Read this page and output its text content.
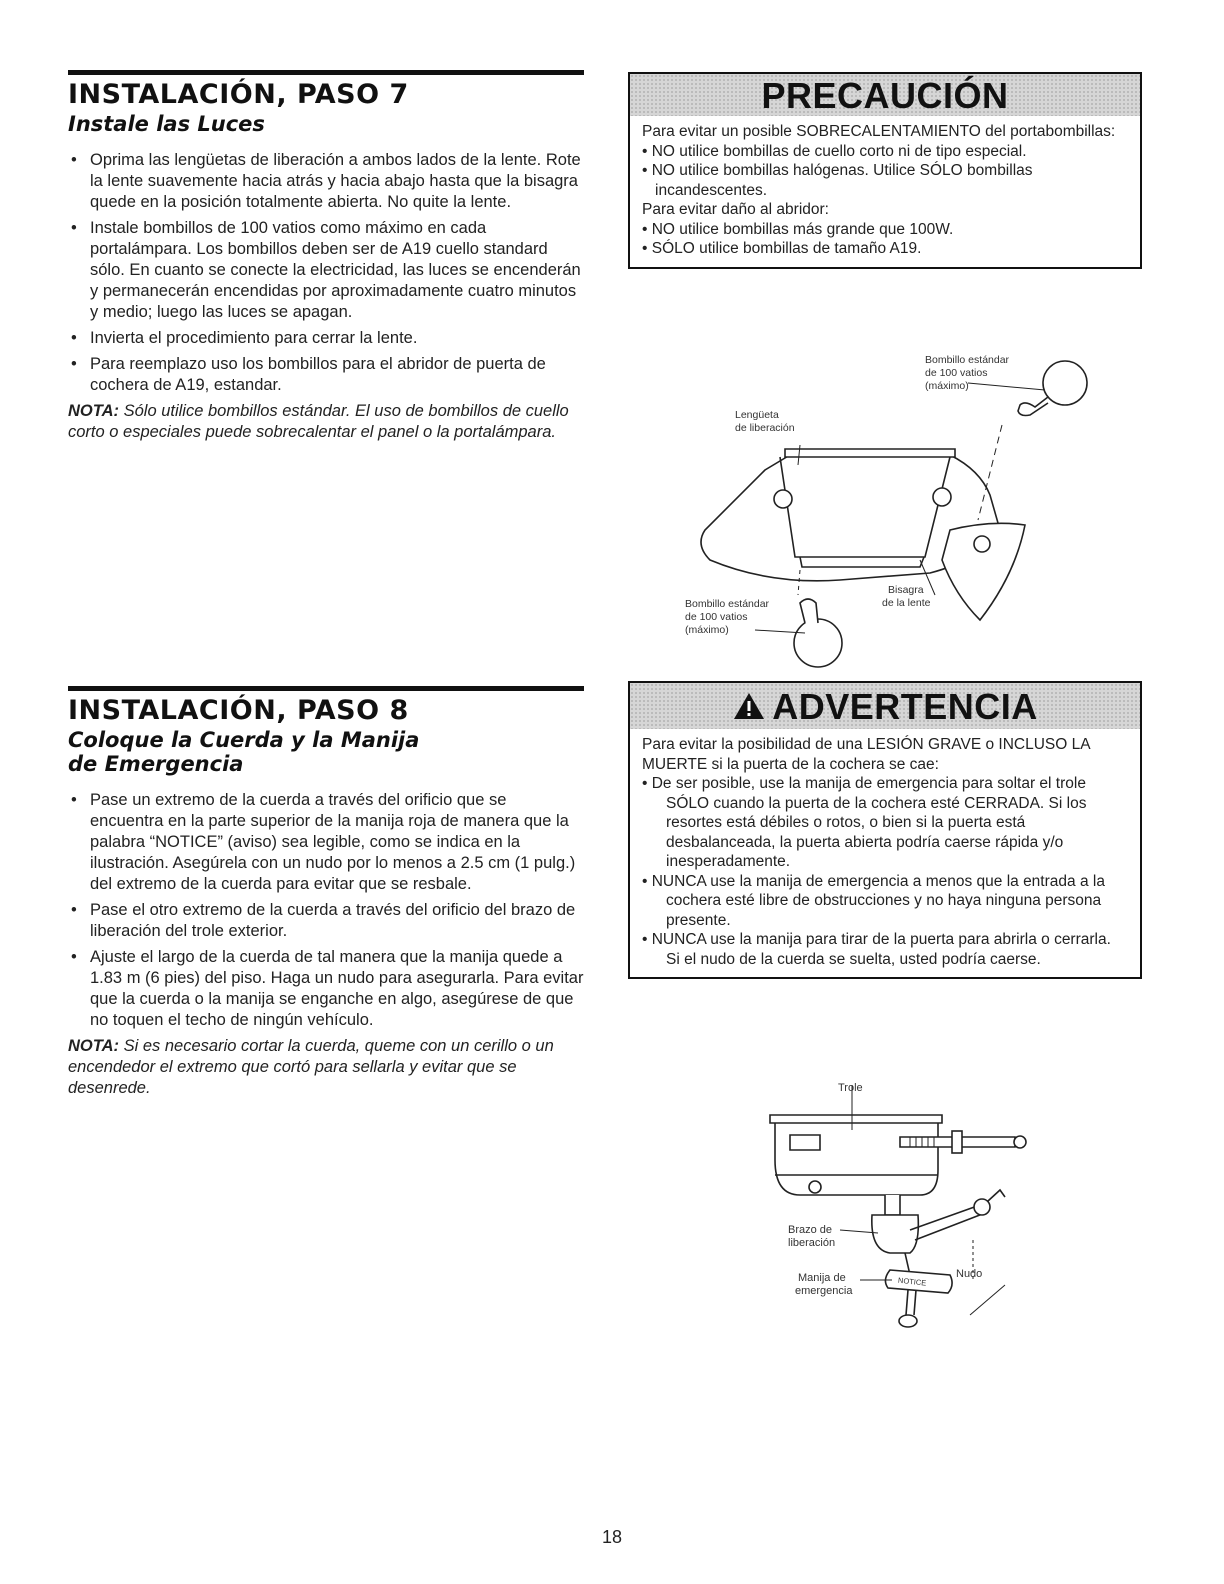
INSTALACIÓN, PASO 7
Instale las Luces
• Oprima las lengüetas de liberación a ambos lados de la lente. Rote la lente suavemente hacia atrás y hacia abajo hasta que la bisagra quede en la posición totalmente abierta. No quite la lente.
• Instale bombillos de 100 vatios como máximo en cada portalámpara. Los bombillos deben ser de A19 cuello standard sólo. En cuanto se conecte la electricidad, las luces se encenderán y permanecerán encendidas por aproximadamente cuatro minutos y medio; luego las luces se apagan.
• Invierta el procedimiento para cerrar la lente.
• Para reemplazo uso los bombillos para el abridor de puerta de cochera de A19, estandar.
NOTA: Sólo utilice bombillos estándar. El uso de bombillos de cuello corto o especiales puede sobrecalentar el panel o la portalámpara.
PRECAUCIÓN

Para evitar un posible SOBRECALENTAMIENTO del portabombillas:

• NO utilice bombillas de cuello corto ni de tipo especial.

• NO utilice bombillas halógenas. Utilice SÓLO bombillas incandescentes.

Para evitar daño al abridor:

• NO utilice bombillas más grande que 100W.

• SÓLO utilice bombillas de tamaño A19.

Bombillo estándar
de 100 vatios
(máximo)
Lengüeta
de liberación
Bombillo estándar
de 100 vatios
(máximo)
Bisagra
de la lente
INSTALACIÓN, PASO 8
Coloque la Cuerda y la Manija
de Emergencia
• Pase un extremo de la cuerda a través del orificio que se encuentra en la parte superior de la manija roja de manera que la palabra “NOTICE” (aviso) sea legible, como se indica en la ilustración. Asegúrela con un nudo por lo menos a 2.5 cm (1 pulg.) del extremo de la cuerda para evitar que se resbale.
• Pase el otro extremo de la cuerda a través del orificio del brazo de liberación del trole exterior.
• Ajuste el largo de la cuerda de tal manera que la manija quede a 1.83 m (6 pies) del piso. Haga un nudo para asegurarla. Para evitar que la cuerda o la manija se enganche en algo, asegúrese de que no toquen el techo de ningún vehículo.
NOTA: Si es necesario cortar la cuerda, queme con un cerillo o un encendedor el extremo que cortó para sellarla y evitar que se desenrede.
ADVERTENCIA

Para evitar la posibilidad de una LESIÓN GRAVE o INCLUSO LA MUERTE si la puerta de la cochera se cae:

• De ser posible, use la manija de emergencia para soltar el trole SÓLO cuando la puerta de la cochera esté CERRADA. Si los resortes está débiles o rotos, o bien si la puerta está desbalanceada, la puerta abierta podría caerse rápida y/o inesperadamente.

• NUNCA use la manija de emergencia a menos que la entrada a la cochera esté libre de obstrucciones y no haya ninguna persona presente.

• NUNCA use la manija para tirar de la puerta para abrirla o cerrarla. Si el nudo de la cuerda se suelta, usted podría caerse.

Trole
Brazo de
liberación
Manija de
emergencia
Nudo
NOTICE
18
